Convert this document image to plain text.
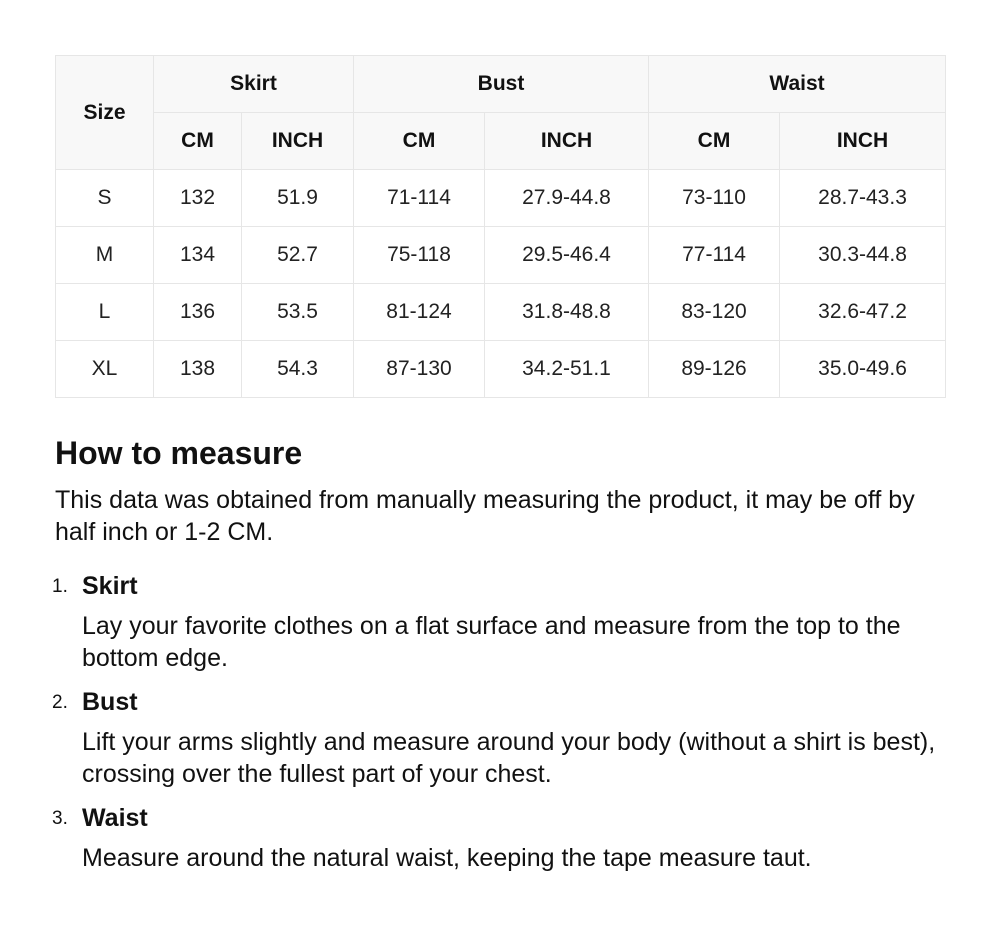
Size	Skirt		Bust		Waist	
	CM	INCH	CM	INCH	CM	INCH
S	132	51.9	71-114	27.9-44.8	73-110	28.7-43.3
M	134	52.7	75-118	29.5-46.4	77-114	30.3-44.8
L	136	53.5	81-124	31.8-48.8	83-120	32.6-47.2
XL	138	54.3	87-130	34.2-51.1	89-126	35.0-49.6
How to measure

This data was obtained from manually measuring the product, it may be off by half inch or 1-2 CM.

1. Skirt
Lay your favorite clothes on a flat surface and measure from the top to the bottom edge.
2. Bust
Lift your arms slightly and measure around your body (without a shirt is best), crossing over the fullest part of your chest.
3. Waist
Measure around the natural waist, keeping the tape measure taut.
